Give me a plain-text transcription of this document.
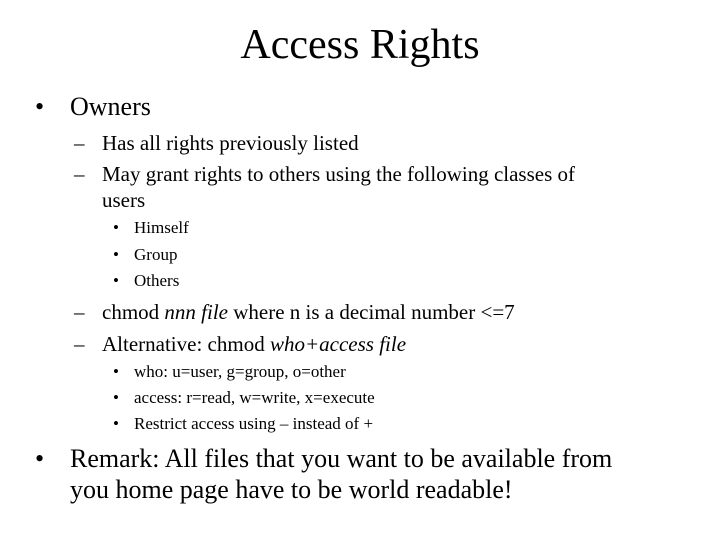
Access Rights
• Owners
– Has all rights previously listed
– May grant rights to others using the following classes of
users
• Himself
• Group
• Others
– chmod nnn file where n is a decimal number <=7
– Alternative: chmod who+access file
• who: u=user, g=group, o=other
• access: r=read, w=write, x=execute
• Restrict access using – instead of +
• Remark: All files that you want to be available from
you home page have to be world readable!
